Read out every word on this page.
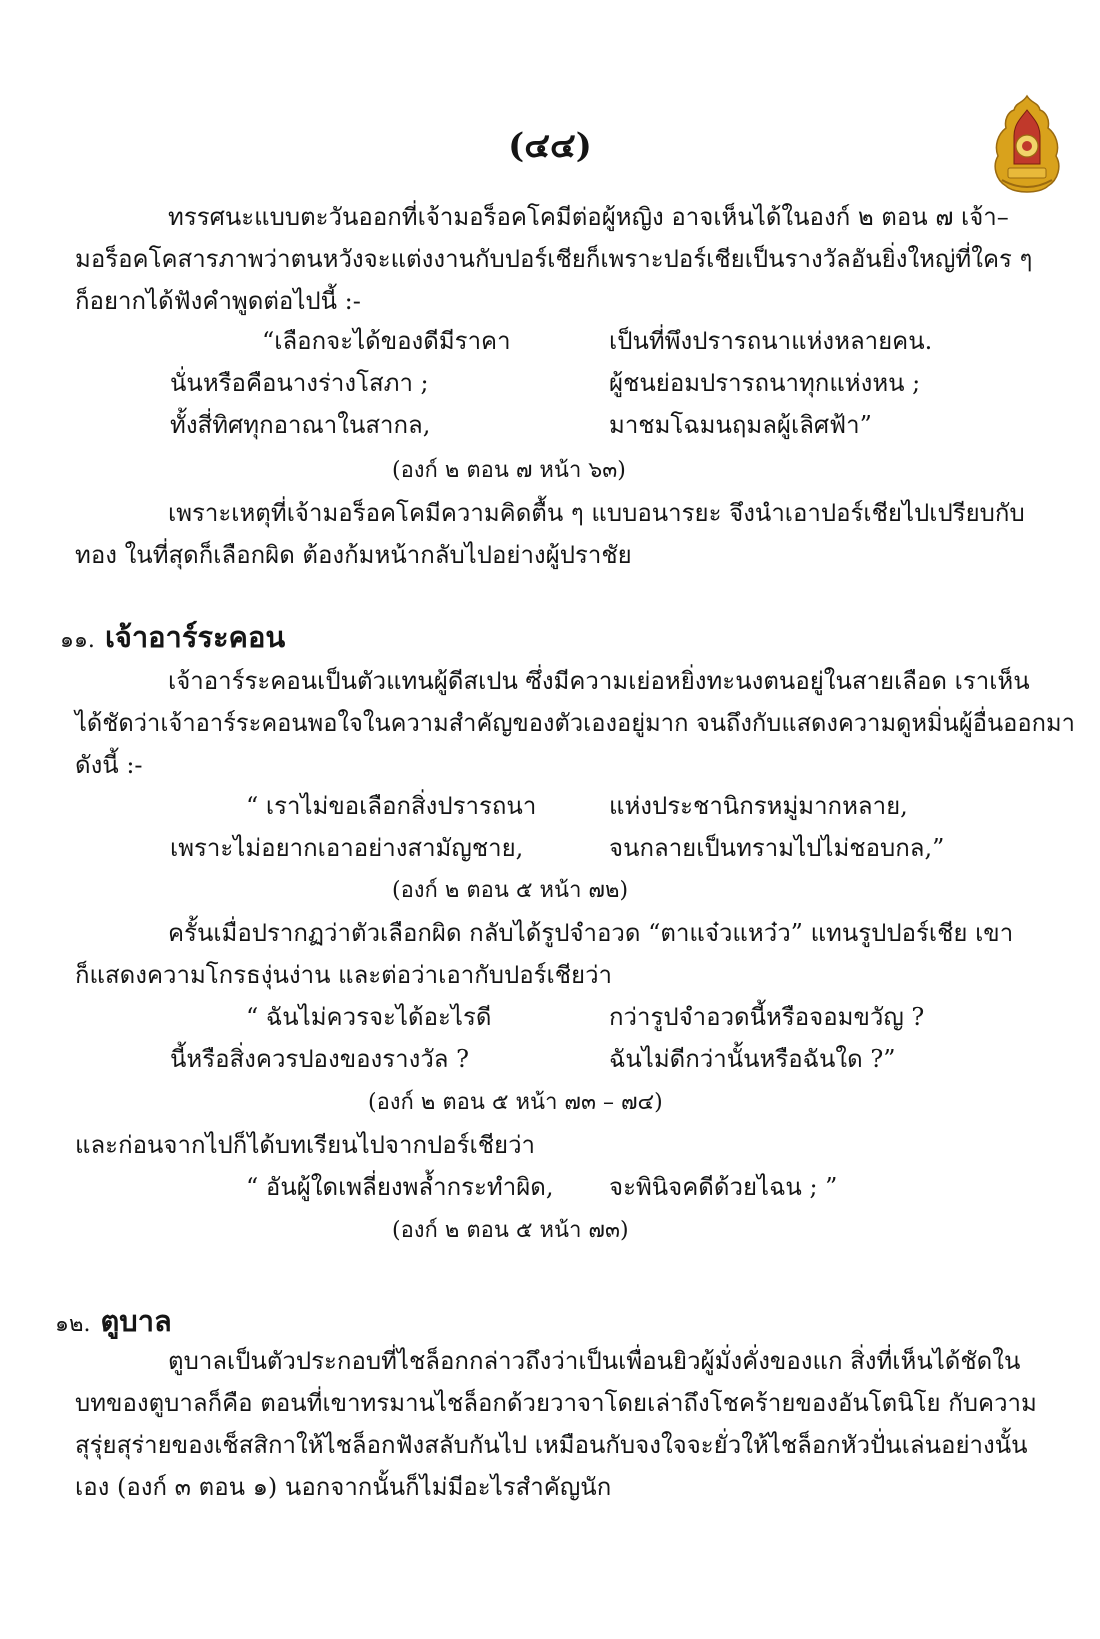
(๔๔)
ทรรศนะแบบตะวันออกที่เจ้ามอร็อคโคมีต่อผู้หญิง อาจเห็นได้ในองก์ ๒ ตอน ๗ เจ้า–
มอร็อคโคสารภาพว่าตนหวังจะแต่งงานกับปอร์เชียก็เพราะปอร์เชียเป็นรางวัลอันยิ่งใหญ่ที่ใคร ๆ
ก็อยากได้ฟังคำพูดต่อไปนี้ :-
“เลือกจะได้ของดีมีราคา	เป็นที่พึงปรารถนาแห่งหลายคน.
นั่นหรือคือนางร่างโสภา ;	ผู้ชนย่อมปรารถนาทุกแห่งหน ;
ทั้งสี่ทิศทุกอาณาในสากล,	มาชมโฉมนฤมลผู้เลิศฟ้า”
(องก์ ๒ ตอน ๗ หน้า ๖๓)
เพราะเหตุที่เจ้ามอร็อคโคมีความคิดตื้น ๆ แบบอนารยะ จึงนำเอาปอร์เชียไปเปรียบกับ
ทอง ในที่สุดก็เลือกผิด ต้องก้มหน้ากลับไปอย่างผู้ปราชัย
๑๑. เจ้าอาร์ระคอน
เจ้าอาร์ระคอนเป็นตัวแทนผู้ดีสเปน ซึ่งมีความเย่อหยิ่งทะนงตนอยู่ในสายเลือด เราเห็น
ได้ชัดว่าเจ้าอาร์ระคอนพอใจในความสำคัญของตัวเองอยู่มาก จนถึงกับแสดงความดูหมิ่นผู้อื่นออกมา
ดังนี้ :-
“ เราไม่ขอเลือกสิ่งปรารถนา	แห่งประชานิกรหมู่มากหลาย,
เพราะไม่อยากเอาอย่างสามัญชาย,	จนกลายเป็นทรามไปไม่ชอบกล,”
(องก์ ๒ ตอน ๕ หน้า ๗๒)
ครั้นเมื่อปรากฏว่าตัวเลือกผิด กลับได้รูปจำอวด “ตาแจ๋วแหว๋ว” แทนรูปปอร์เชีย เขา
ก็แสดงความโกรธงุ่นง่าน และต่อว่าเอากับปอร์เชียว่า
“ ฉันไม่ควรจะได้อะไรดี	กว่ารูปจำอวดนี้หรือจอมขวัญ ?
นี้หรือสิ่งควรปองของรางวัล ?	ฉันไม่ดีกว่านั้นหรือฉันใด ?”
(องก์ ๒ ตอน ๕ หน้า ๗๓ – ๗๔)
และก่อนจากไปก็ได้บทเรียนไปจากปอร์เชียว่า
“ อันผู้ใดเพลี่ยงพล้ำกระทำผิด, จะพินิจคดีด้วยไฉน ; ”
(องก์ ๒ ตอน ๕ หน้า ๗๓)
๑๒. ตูบาล
ตูบาลเป็นตัวประกอบที่ไชล็อกกล่าวถึงว่าเป็นเพื่อนยิวผู้มั่งคั่งของแก สิ่งที่เห็นได้ชัดใน
บทของตูบาลก็คือ ตอนที่เขาทรมานไชล็อกด้วยวาจาโดยเล่าถึงโชคร้ายของอันโตนิโย กับความ
สุรุ่ยสุร่ายของเช็สสิกาให้ไชล็อกฟังสลับกันไป เหมือนกับจงใจจะยั่วให้ไชล็อกหัวปั่นเล่นอย่างนั้น
เอง (องก์ ๓ ตอน ๑) นอกจากนั้นก็ไม่มีอะไรสำคัญนัก
